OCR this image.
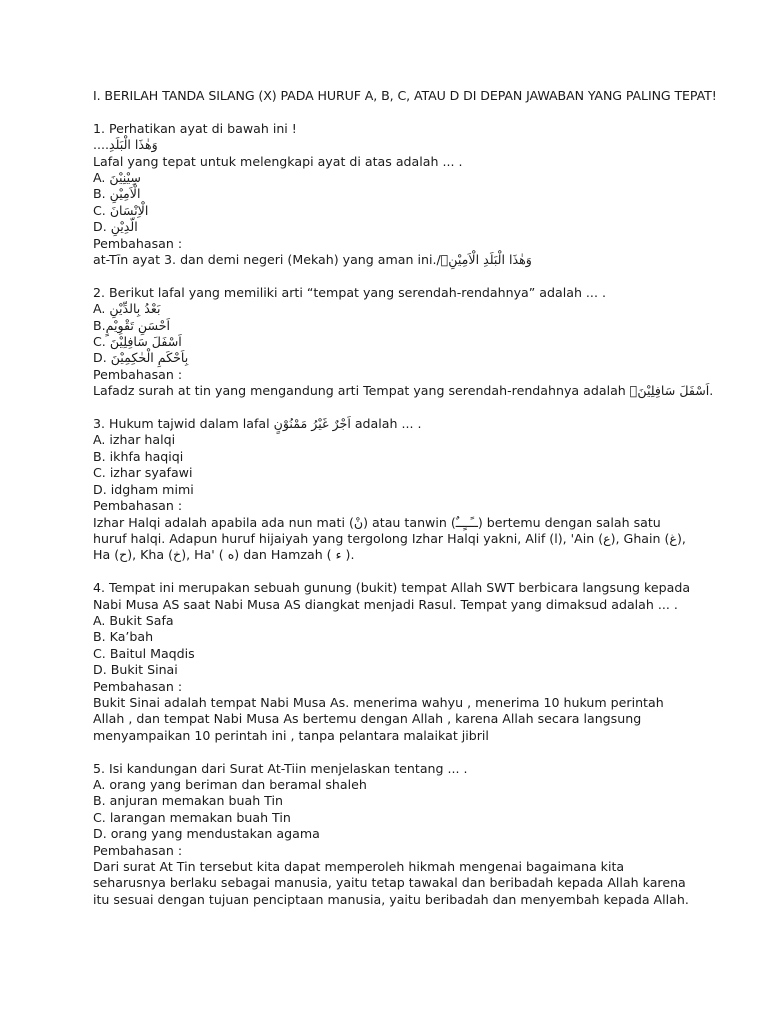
I. BERILAH TANDA SILANG (X) PADA HURUF A, B, C, ATAU D DI DEPAN JAWABAN YANG PALING TEPAT!
1. Perhatikan ayat di bawah ini !
....وَهٰذَا الْبَلَدِ
Lafal yang tepat untuk melengkapi ayat di atas adalah ... .
A. سِيْنِيْنَ
B. الْاَمِيْنِ
C. الْاِنْسَانَ
D. الّدِيْنِ
Pembahasan :
at-Tīn ayat 3. dan demi negeri (Mekah) yang aman ini./وَهٰذَا الْبَلَدِ الْاَمِيْنِۙ
2. Berikut lafal yang memiliki arti “tempat yang serendah-rendahnya” adalah ... .
A. بَعْدُ بِالدِّيْنِ
B.اَحْسَنِ تَقْوِيْمٍ
C. اَسْفَلَ سَافِلِيْنَ
D. بِاَحْكَمِ الْحٰكِمِيْنَ
Pembahasan :
Lafadz surah at tin yang mengandung arti Tempat yang serendah-rendahnya adalah اَسْفَلَ سَافِلِيْنَۙ.
3. Hukum tajwid dalam lafal اَجْرٌ غَيْرُ مَمْنُوْنٍ adalah ... .
A. izhar halqi
B. ikhfa haqiqi
C. izhar syafawi
D. idgham mimi
Pembahasan :
Izhar Halqi adalah apabila ada nun mati (نْ) atau tanwin (ــًــٍــٌ) bertemu dengan salah satu huruf halqi. Adapun huruf hijaiyah yang tergolong Izhar Halqi yakni, Alif (ا), 'Ain (ع), Ghain (غ), Ha (ح), Kha (خ), Ha' ( ه) dan Hamzah ( ء ).
4. Tempat ini merupakan sebuah gunung (bukit) tempat Allah SWT berbicara langsung kepada Nabi Musa AS saat Nabi Musa AS diangkat menjadi Rasul. Tempat yang dimaksud adalah ... .
A. Bukit Safa
B. Ka’bah
C. Baitul Maqdis
D. Bukit Sinai
Pembahasan :
Bukit Sinai adalah tempat Nabi Musa As. menerima wahyu , menerima 10 hukum perintah Allah , dan tempat Nabi Musa As bertemu dengan Allah , karena Allah secara langsung menyampaikan 10 perintah ini , tanpa pelantara malaikat jibril
5. Isi kandungan dari Surat At-Tiin menjelaskan tentang ... .
A. orang yang beriman dan beramal shaleh
B. anjuran memakan buah Tin
C. larangan memakan buah Tin
D. orang yang mendustakan agama
Pembahasan :
Dari surat At Tin tersebut kita dapat memperoleh hikmah mengenai bagaimana kita seharusnya berlaku sebagai manusia, yaitu tetap tawakal dan beribadah kepada Allah karena itu sesuai dengan tujuan penciptaan manusia, yaitu beribadah dan menyembah kepada Allah.
